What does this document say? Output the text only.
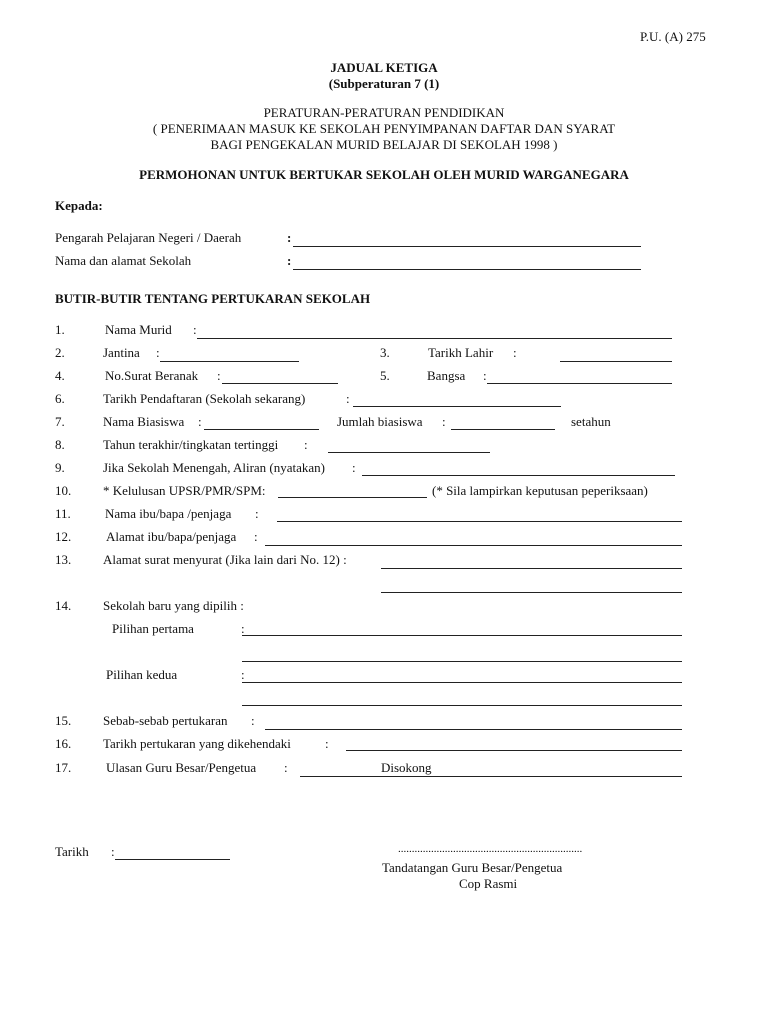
P.U. (A) 275
JADUAL KETIGA
(Subperaturan 7 (1)
PERATURAN-PERATURAN PENDIDIKAN
( PENERIMAAN MASUK KE SEKOLAH PENYIMPANAN DAFTAR DAN SYARAT
BAGI PENGEKALAN MURID BELAJAR DI SEKOLAH 1998 )
PERMOHONAN UNTUK BERTUKAR SEKOLAH OLEH MURID WARGANEGARA
Kepada:
Pengarah Pelajaran Negeri / Daerah	:
Nama dan alamat Sekolah	:
BUTIR-BUTIR TENTANG PERTUKARAN SEKOLAH
1.	Nama Murid :
2.	Jantina :	3.	Tarikh Lahir :
4.	No.Surat Beranak :	5.	Bangsa :
6.	Tarikh Pendaftaran (Sekolah sekarang)	:
7.	Nama Biasiswa :	Jumlah biasiswa :	setahun
8.	Tahun terakhir/tingkatan tertinggi :
9.	Jika Sekolah Menengah, Aliran (nyatakan) :
10. * Kelulusan UPSR/PMR/SPM:	(* Sila lampirkan keputusan peperiksaan)
11.	Nama ibu/bapa /penjaga :
12.	Alamat ibu/bapa/penjaga :
13. Alamat surat menyurat (Jika lain dari No. 12) :
14. Sekolah baru yang dipilih :
Pilihan pertama	:
Pilihan kedua	:
15. Sebab-sebab pertukaran :
16. Tarikh pertukaran yang dikehendaki	:
17.	Ulasan Guru Besar/Pengetua :	Disokong
Tarikh :	...................................................................
Tandatangan Guru Besar/Pengetua
Cop Rasmi
